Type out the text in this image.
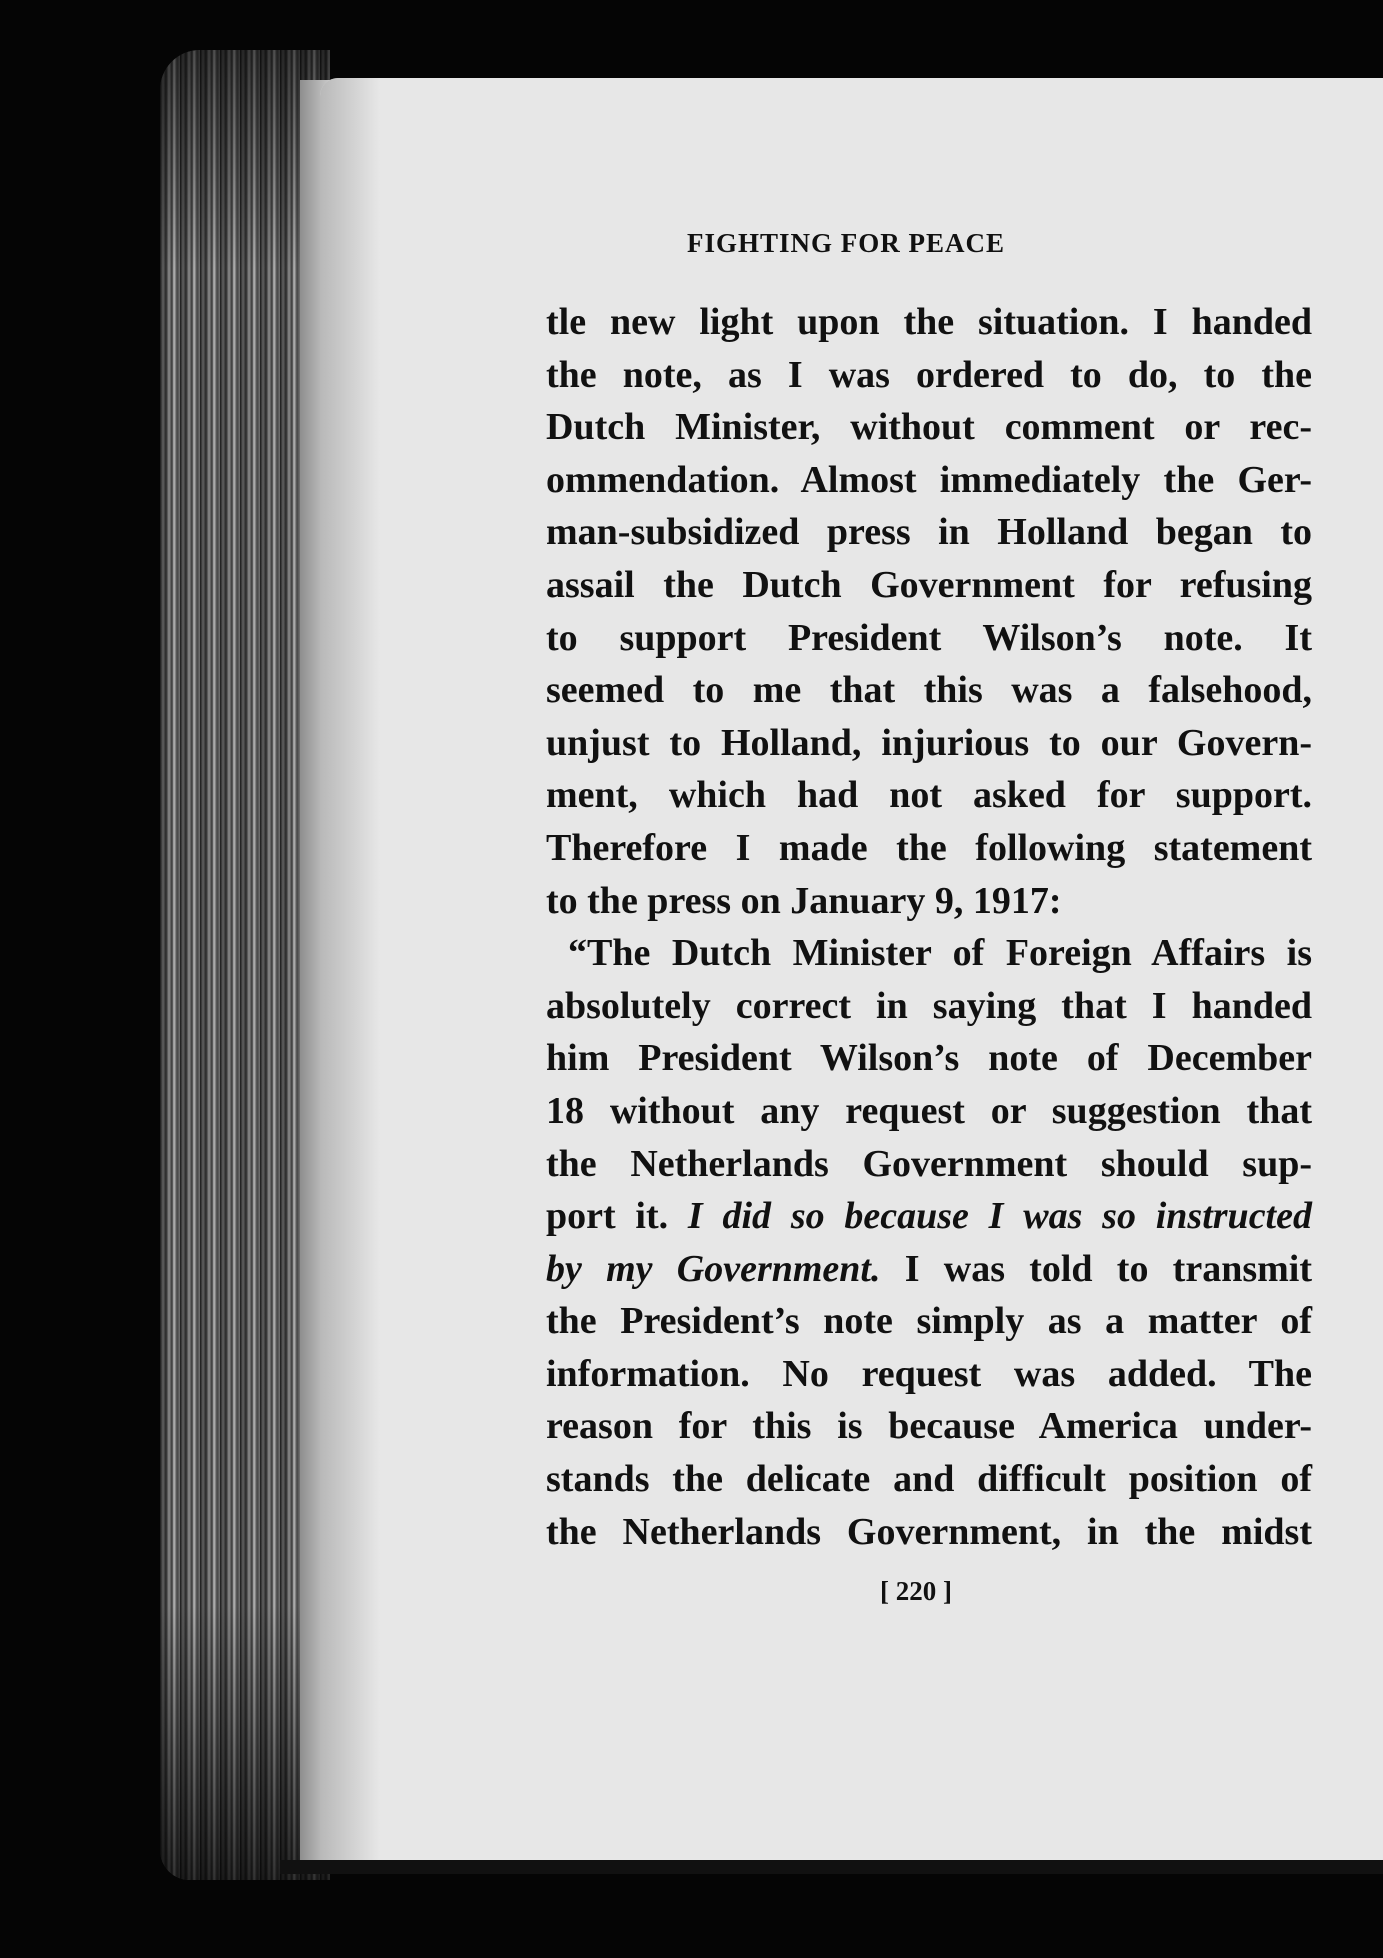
FIGHTING FOR PEACE
tle new light upon the situation. I handed
the note, as I was ordered to do, to the
Dutch Minister, without comment or rec-
ommendation. Almost immediately the Ger-
man-subsidized press in Holland began to
assail the Dutch Government for refusing
to support President Wilson’s note. It
seemed to me that this was a falsehood,
unjust to Holland, injurious to our Govern-
ment, which had not asked for support.
Therefore I made the following statement
to the press on January 9, 1917:
“The Dutch Minister of Foreign Affairs is
absolutely correct in saying that I handed
him President Wilson’s note of December
18 without any request or suggestion that
the Netherlands Government should sup-
port it. I did so because I was so instructed
by my Government. I was told to transmit
the President’s note simply as a matter of
information. No request was added. The
reason for this is because America under-
stands the delicate and difficult position of
the Netherlands Government, in the midst
[ 220 ]
